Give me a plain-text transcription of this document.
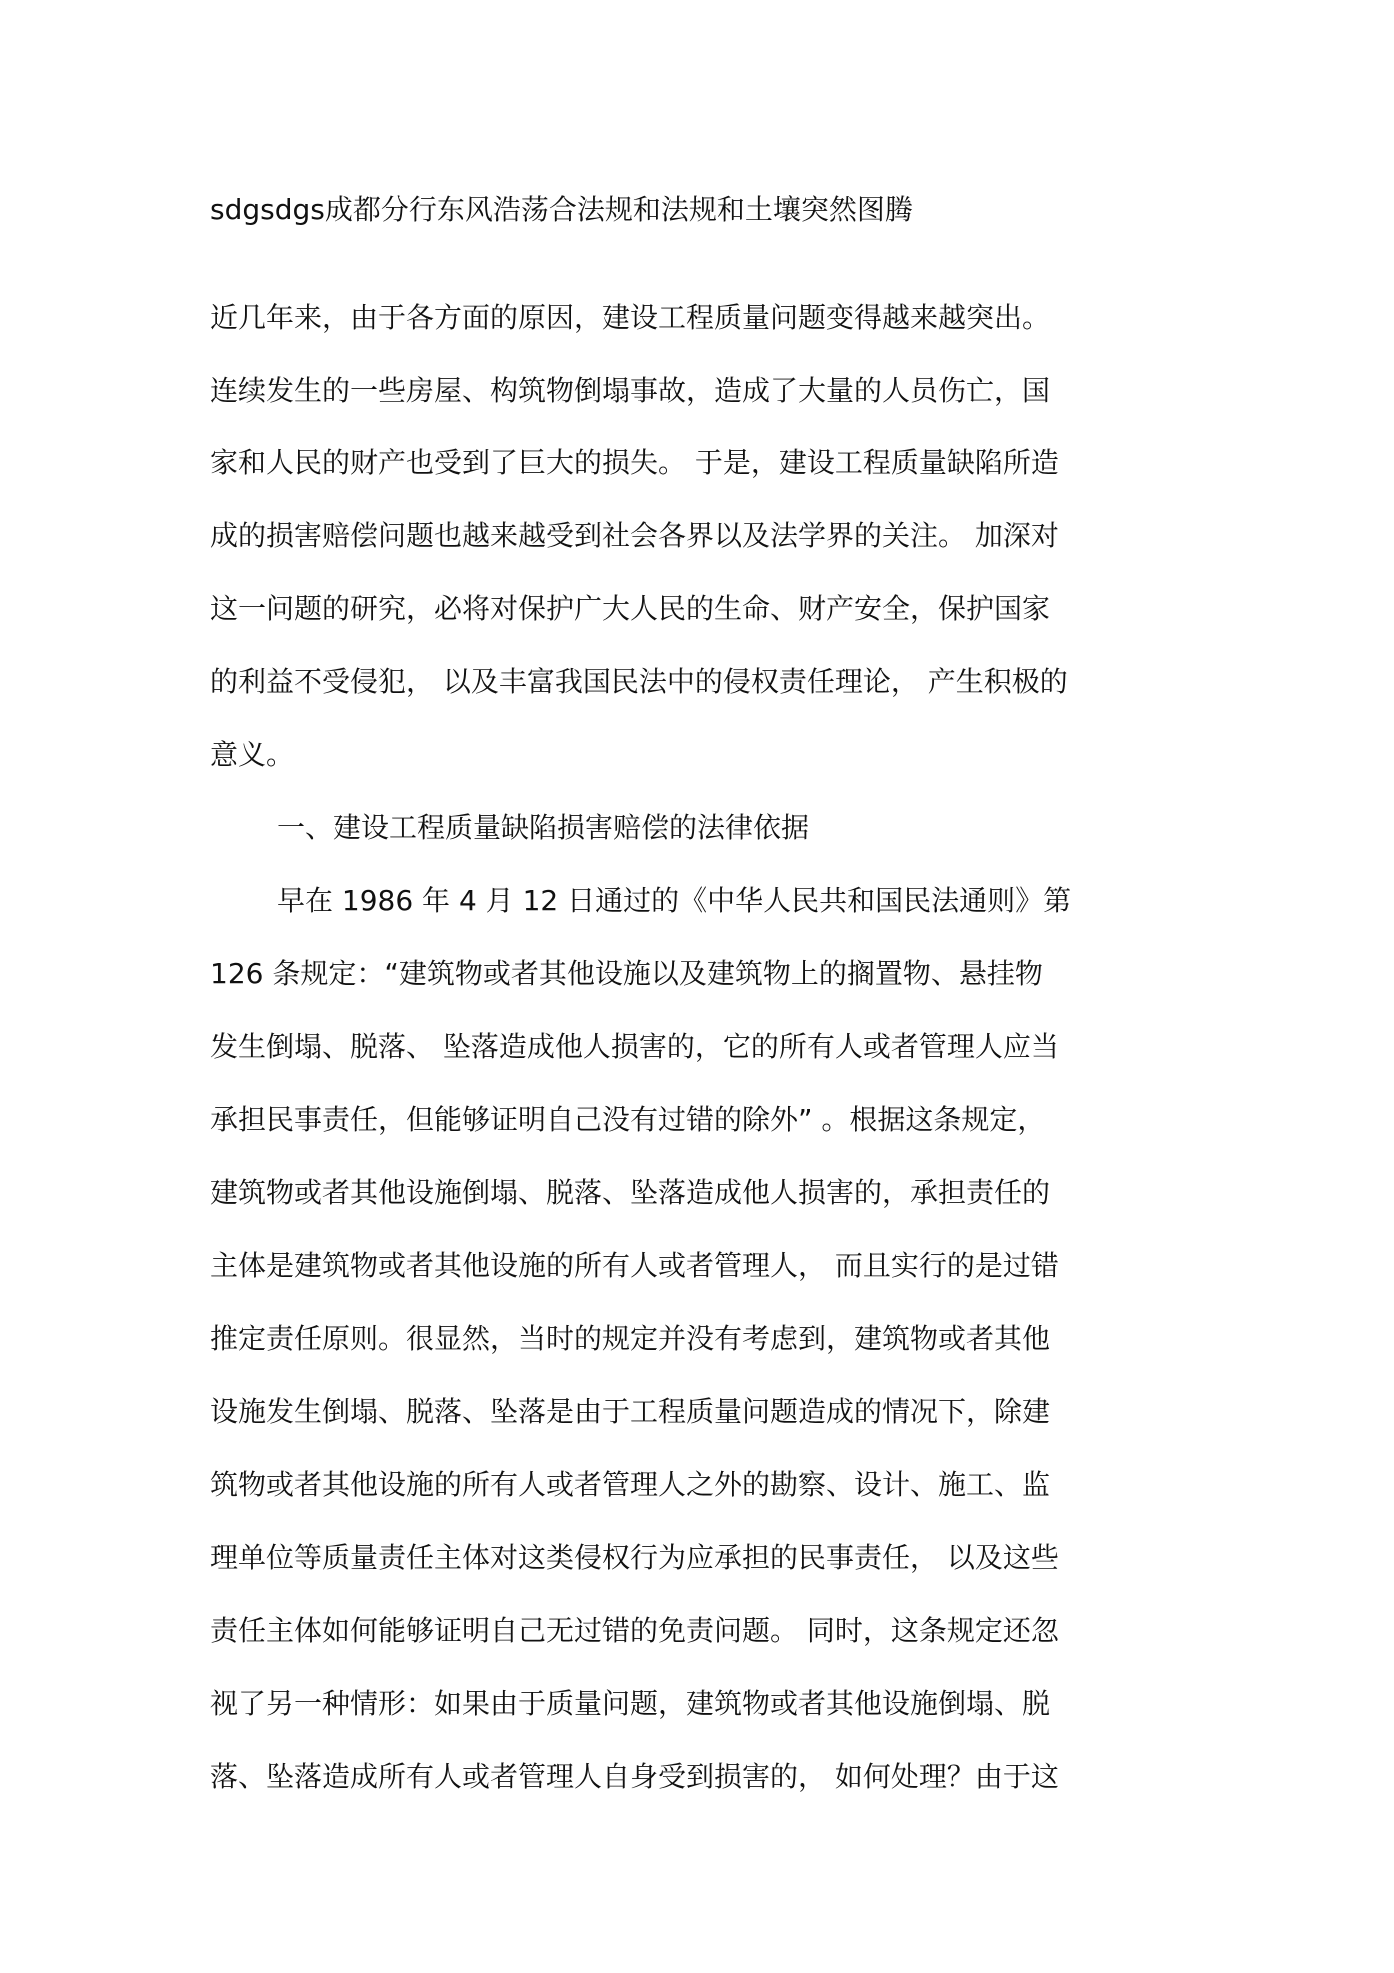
sdgsdgs成都分行东风浩荡合法规和法规和土壤突然图腾
近几年来，由于各方面的原因，建设工程质量问题变得越来越突出。
连续发生的一些房屋、构筑物倒塌事故，造成了大量的人员伤亡，国
家和人民的财产也受到了巨大的损失。 于是，建设工程质量缺陷所造
成的损害赔偿问题也越来越受到社会各界以及法学界的关注。 加深对
这一问题的研究，必将对保护广大人民的生命、财产安全，保护国家
的利益不受侵犯， 以及丰富我国民法中的侵权责任理论， 产生积极的
意义。
一、建设工程质量缺陷损害赔偿的法律依据
早在 1986 年 4 月 12 日通过的《中华人民共和国民法通则》第
126 条规定：“建筑物或者其他设施以及建筑物上的搁置物、悬挂物
发生倒塌、脱落、 坠落造成他人损害的，它的所有人或者管理人应当
承担民事责任，但能够证明自己没有过错的除外” 。根据这条规定，
建筑物或者其他设施倒塌、脱落、坠落造成他人损害的，承担责任的
主体是建筑物或者其他设施的所有人或者管理人， 而且实行的是过错
推定责任原则。很显然，当时的规定并没有考虑到，建筑物或者其他
设施发生倒塌、脱落、坠落是由于工程质量问题造成的情况下，除建
筑物或者其他设施的所有人或者管理人之外的勘察、设计、施工、监
理单位等质量责任主体对这类侵权行为应承担的民事责任， 以及这些
责任主体如何能够证明自己无过错的免责问题。 同时，这条规定还忽
视了另一种情形：如果由于质量问题，建筑物或者其他设施倒塌、脱
落、坠落造成所有人或者管理人自身受到损害的， 如何处理？由于这
